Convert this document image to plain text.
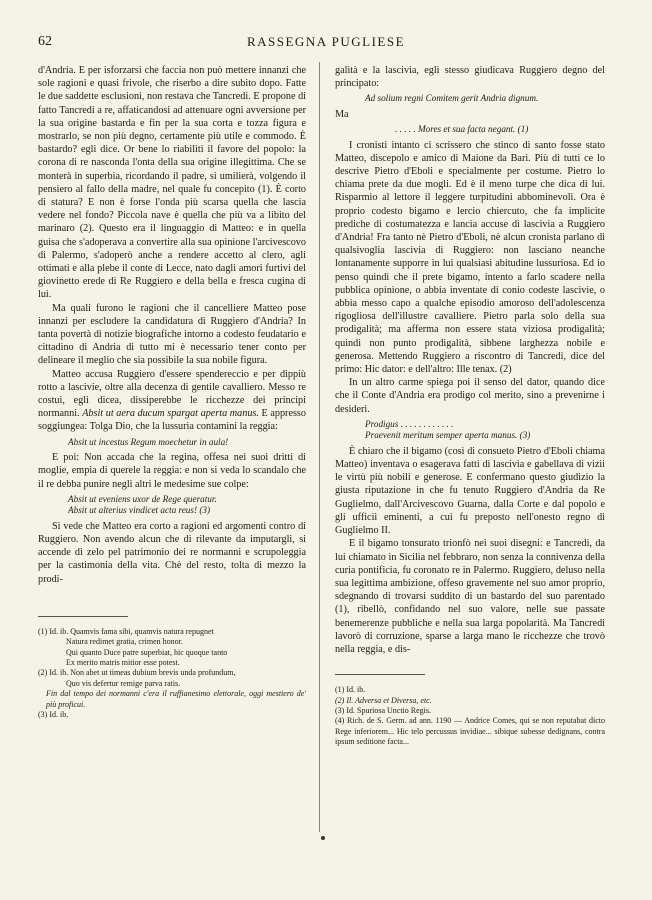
62	RASSEGNA PUGLIESE

d'Andria. E per isforzarsi che faccia non può mettere innanzi che sole ragioni e quasi frivole, che riserbo a dire subito dopo. Fatte le due saddette esclusioni, non restava che Tancredi. E propone di fatto Tancredi a re, affaticandosi ad attenuare ogni avversione per la sua origine bastarda e fin per la sua corta e tozza figura e mostrarlo, se non più degno, certamente più utile e commodo. È bastardo? egli dice. Or bene lo riabiliti il favore del popolo: la corona di re nasconda l'onta della sua origine illegittima. Che se monterà in superbia, ricordando il padre, si umilierà, volgendo il pensiero al fallo della madre, nel quale fu concepito (1). È corto di statura? E non è forse l'onda più scarsa quella che lascia vedere nel fondo? Piccola nave è quella che più va a libito del marinaro (2). Questo era il linguaggio di Matteo: e in quella guisa che s'adoperava a convertire alla sua opinione l'arcivescovo di Palermo, s'adoperò anche a rendere accetto al clero, agli ottimati e alla plebe il conte di Lecce, nato dagli amori furtivi del giovinetto erede di Re Ruggiero e della bella e fresca cugina di lui.

Ma quali furono le ragioni che il cancelliere Matteo pose innanzi per escludere la candidatura di Ruggiero d'Andria? In tanta povertà di notizie biografiche intorno a codesto feudatario e cittadino di Andria di tutto mi è necessario tener conto per delineare il meglio che sia possibile la sua nobile figura.

Matteo accusa Ruggiero d'essere spendereccio e per dippiù rotto a lascivie, oltre alla decenza di gentile cavalliero. Messo re costui, egli dicea, dissiperebbe le ricchezze dei principi normanni. Absit ut aera ducum spargat aperta manus. E appresso soggiungea: Tolga Dio, che la lussuria contamini la reggia:

Absit ut incestus Regum moechetur in aula!

E poi: Non accada che la regina, offesa nei suoi dritti di moglie, empia di querele la reggia: e non si veda lo scandalo che il re debba punire negli altri le medesime sue colpe:

Absit ut eveniens uxor de Rege queratur.
Absit ut alterius vindicet acta reus! (3)

Si vede che Matteo era corto a ragioni ed argomenti contro di Ruggiero. Non avendo alcun che di rilevante da imputargli, si accende di zelo pel patrimonio dei re normanni e scrupoleggia per la castimonia della vita. Chè del resto, tolta di mezzo la prodi-

(1) Id. ib. Quamvis fama sibi, quamvis natura repugnet
Natura redimet gratia, crimen honor.
Qui quanto Duce patre superbiat, hic quoque tanto
Ex merito matris mitior esse potest.
(2) Id. ib. Non abet ut timeas dubium brevis unda profundum,
Quo vis defertur remige parva ratis.
Fin dal tempo dei normanni c'era il ruffianesimo elettorale, oggi mestiero de' più proficui.
(3) Id. ib.

galità e la lascivia, egli stesso giudicava Ruggiero degno del principato:

Ad solium regni Comitem gerit Andria dignum.

Ma

. . . . . Mores et sua facta negant. (1)

I cronisti intanto ci scrissero che stinco di santo fosse stato Matteo, discepolo e amico di Maione da Bari. Più di tutti ce lo descrive Pietro d'Eboli e specialmente per costume. Pietro lo chiama prete da due mogli. Ed è il meno turpe che dica di lui. Risparmio al lettore il leggere turpitudini abbominevoli. Ora è proprio codesto bigamo e lercio chiercuto, che fa implicite prediche di costumatezza e lancia accuse di lascivia a Ruggiero d'Andria! Fra tanto nè Pietro d'Eboli, nè alcun cronista parlano di qualsivoglia lascivia di Ruggiero: non lasciano neanche lontanamente supporre in lui qualsiasi abitudine lussuriosa. Ed io penso quindi che il prete bigamo, intento a farlo scadere nella pubblica opinione, o abbia inventate di conio codeste lascivie, o abbia messo capo a qualche episodio amoroso dell'adolescenza rigogliosa dell'illustre cavalliere. Pietro parla solo della sua prodigalità; ma afferma non essere stata viziosa prodigalità; quindi non punto prodigalità, sibbene larghezza nobile e generosa. Mettendo Ruggiero a riscontro di Tancredi, dice del primo: Hic dator: e dell'altro: Ille tenax. (2)

In un altro carme spiega poi il senso del dator, quando dice che il Conte d'Andria era prodigo col merito, sino a prevenirne i desideri.

Prodigus . . . . . . . . . . . .
Praevenit meritum semper aperta manus. (3)

È chiaro che il bigamo (così di consueto Pietro d'Eboli chiama Matteo) inventava o esagerava fatti di lascivia e gabellava di vizii le virtù più nobili e generose. E confermano questo giudizio la giusta riputazione in che fu tenuto Ruggiero d'Andria da Re Guglielmo, dall'Arcivescovo Guarna, dalla Corte e dal popolo e gli ufficii eminenti, a cui fu preposto nell'onesto regno di Guglielmo II.

E il bigamo tonsurato trionfò nei suoi disegni: e Tancredi, da lui chiamato in Sicilia nel febbraro, non senza la connivenza della curia pontificia, fu coronato re in Palermo. Ruggiero, deluso nella sua legittima ambizione, offeso gravemente nel suo amor proprio, sdegnando di trovarsi suddito di un bastardo del suo parentado (1), ribellò, confidando nel suo valore, nelle sue passate benemerenze pubbliche e nella sua larga popolarità. Ma Tancredi lavorò di corruzione, sparse a larga mano le ricchezze che trovò nella reggia, e dis-

(1) Id. ib.
(2) Il. Adversa et Diversa, etc.
(3) Id. Spuriosa Unctio Regis.
(4) Rich. de S. Germ. ad ann. 1190 — Andrice Comes, qui se non reputabat dicto Rege inferiorem... Hic telo percussus invidiae... sibique subesse dedignans, contra ipsum seditione facta...
